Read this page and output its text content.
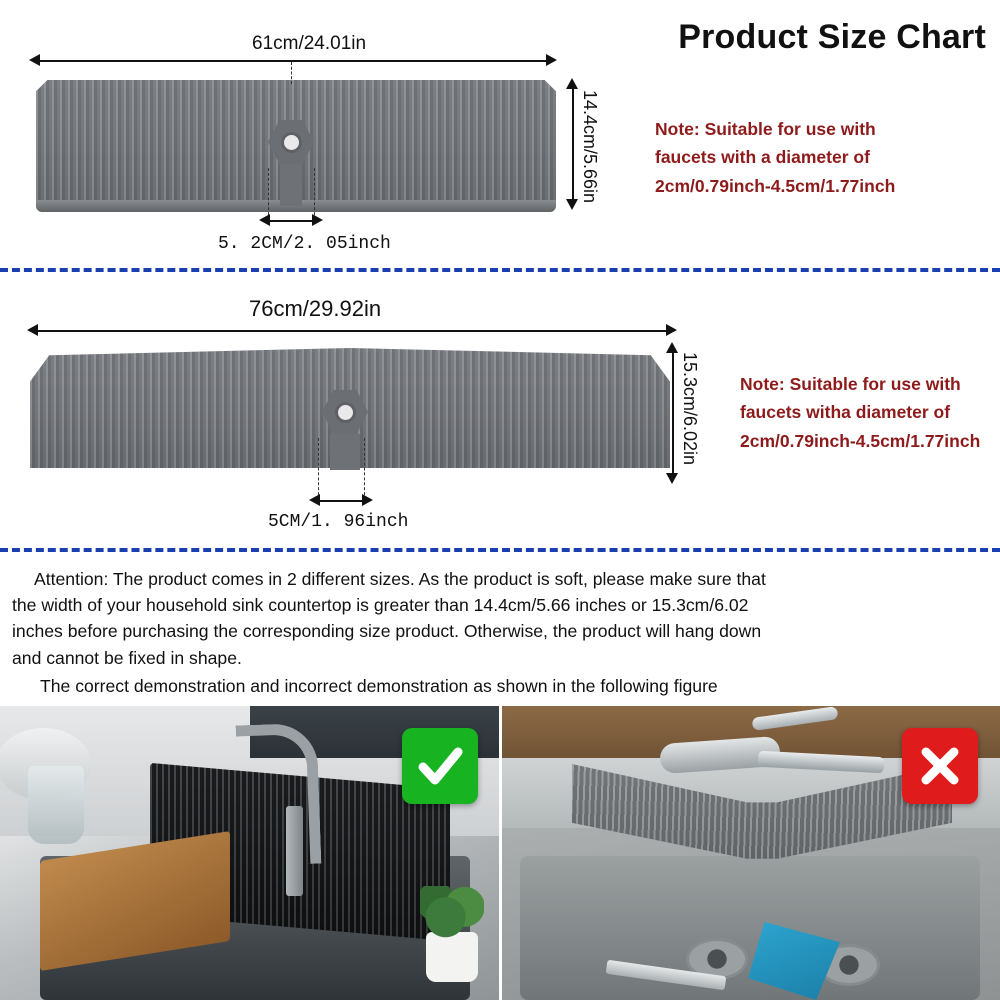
Product Size Chart
61cm/24.01in
14.4cm/5.66in
5. 2CM/2. 05inch
Note: Suitable for use with
faucets with a diameter of
2cm/0.79inch-4.5cm/1.77inch
76cm/29.92in
15.3cm/6.02in
5CM/1. 96inch
Note: Suitable for use with
faucets witha diameter of
2cm/0.79inch-4.5cm/1.77inch

Attention: The product comes in 2 different sizes. As the product is soft, please make sure that

the width of your household sink countertop is greater than 14.4cm/5.66 inches or 15.3cm/6.02

inches before purchasing the corresponding size product. Otherwise, the product will hang down

and cannot be fixed in shape.

The correct demonstration and incorrect demonstration as shown in the following figure
